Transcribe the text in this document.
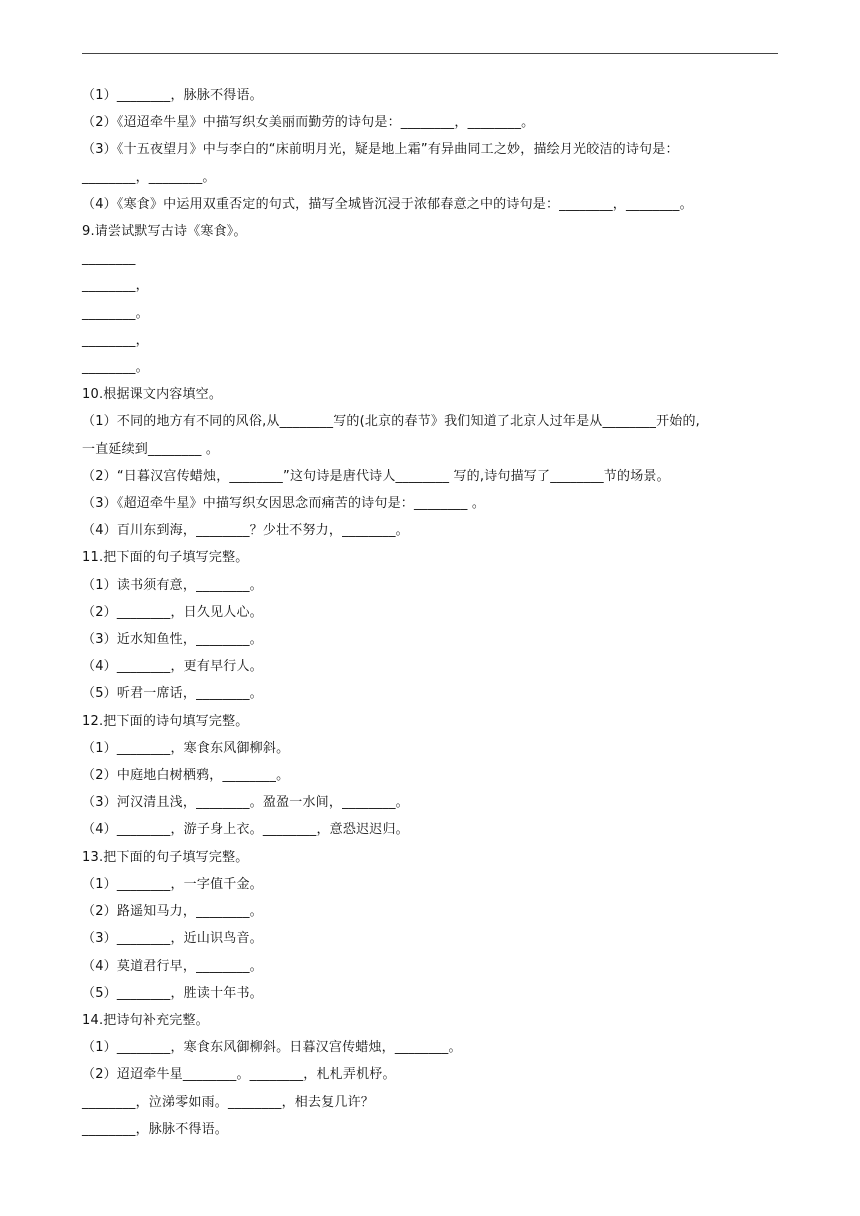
（1）________，脉脉不得语。
（2）《迢迢牵牛星》中描写织女美丽而勤劳的诗句是：________，________。
（3）《十五夜望月》中与李白的“床前明月光，疑是地上霜”有异曲同工之妙，描绘月光皎洁的诗句是：
________，________。
（4）《寒食》中运用双重否定的句式，描写全城皆沉浸于浓郁春意之中的诗句是：________，________。
9.请尝试默写古诗《寒食》。
________
________，
________。
________，
________。
10.根据课文内容填空。
（1）不同的地方有不同的风俗,从________写的(北京的春节》我们知道了北京人过年是从________开始的,
一直延续到________ 。
（2）“日暮汉宫传蜡烛，________”这句诗是唐代诗人________ 写的,诗句描写了________节的场景。
（3）《超迢牵牛星》中描写织女因思念而痛苦的诗句是：________ 。
（4）百川东到海，________？少壮不努力，________。
11.把下面的句子填写完整。
（1）读书须有意，________。
（2）________，日久见人心。
（3）近水知鱼性，________。
（4）________，更有早行人。
（5）听君一席话，________。
12.把下面的诗句填写完整。
（1）________，寒食东风御柳斜。
（2）中庭地白树栖鸦，________。
（3）河汉清且浅，________。盈盈一水间，________。
（4）________，游子身上衣。________，意恐迟迟归。
13.把下面的句子填写完整。
（1）________，一字值千金。
（2）路遥知马力，________。
（3）________，近山识鸟音。
（4）莫道君行早，________。
（5）________，胜读十年书。
14.把诗句补充完整。
（1）________，寒食东风御柳斜。日暮汉宫传蜡烛，________。
（2）迢迢牵牛星________。________，札札弄机杼。
________，泣涕零如雨。________，相去复几许？
________，脉脉不得语。
